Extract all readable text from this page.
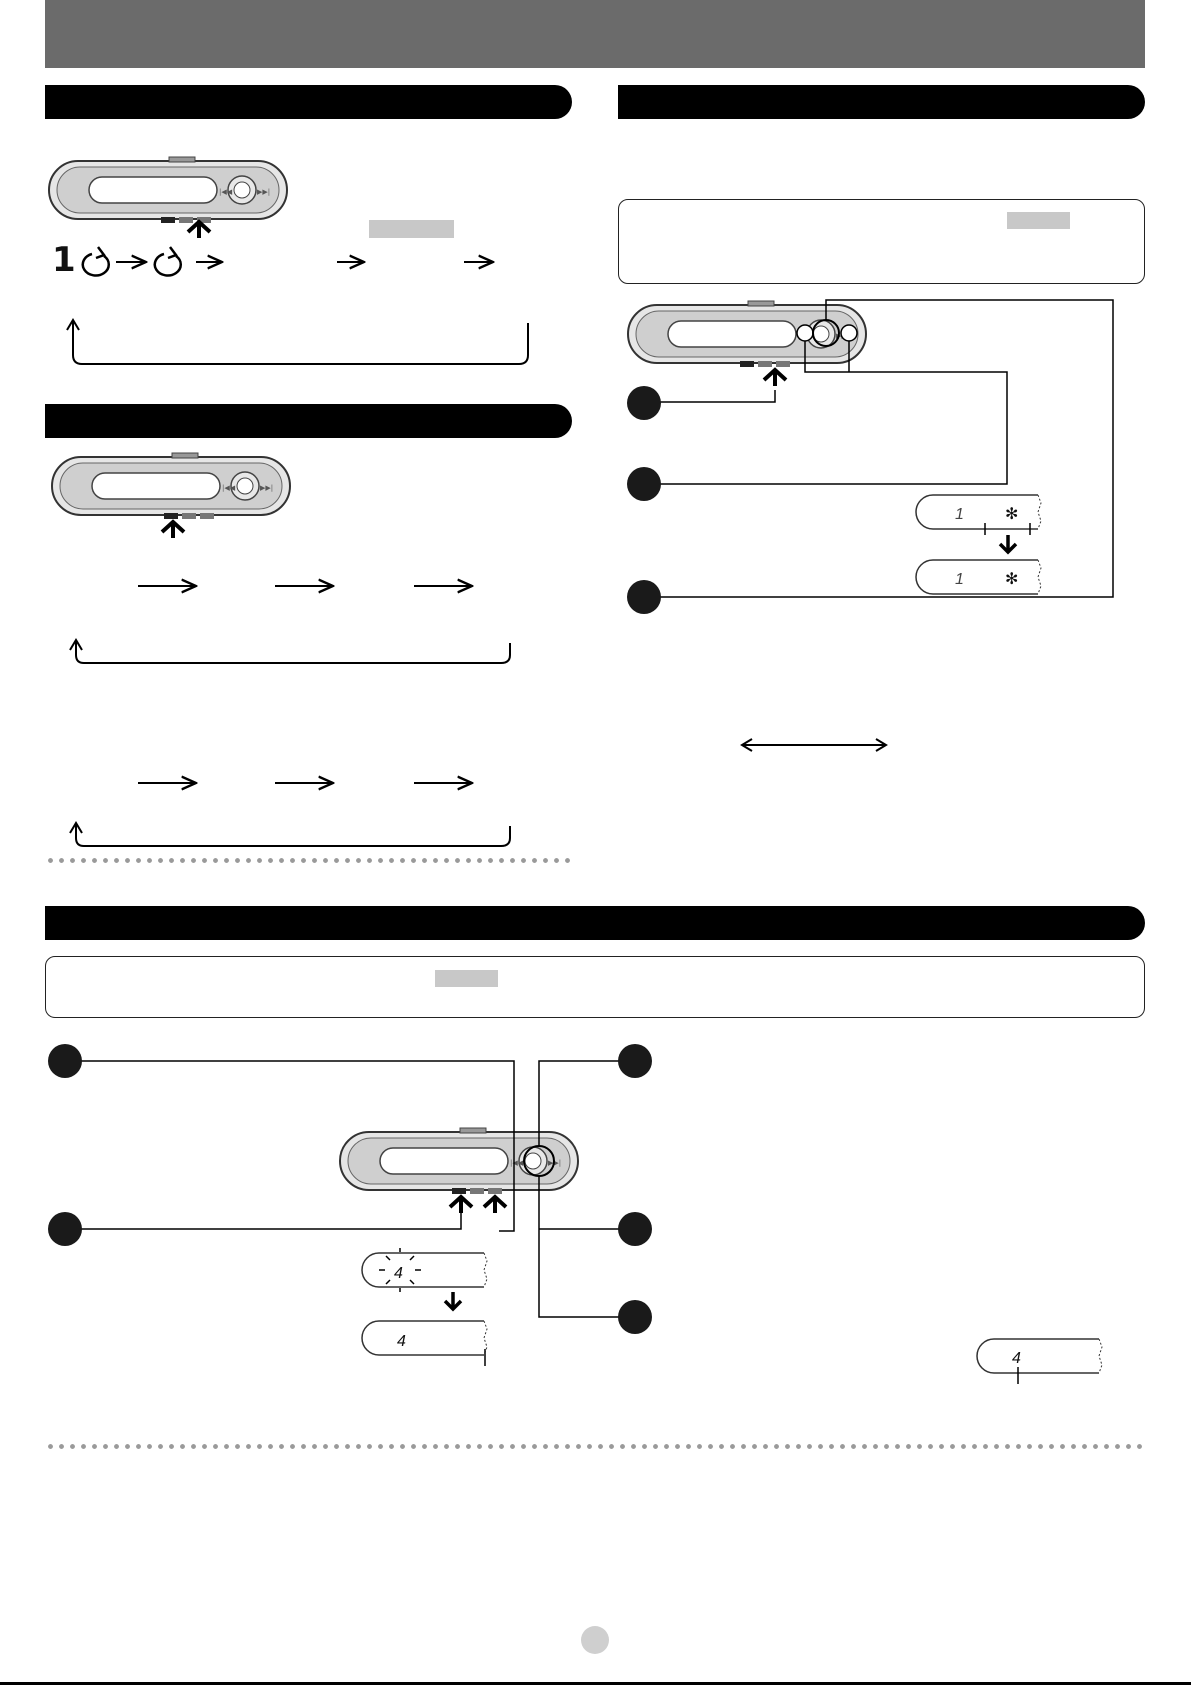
1
|◀◀	▶▶|
1	✻
1	✻
4
4
4
